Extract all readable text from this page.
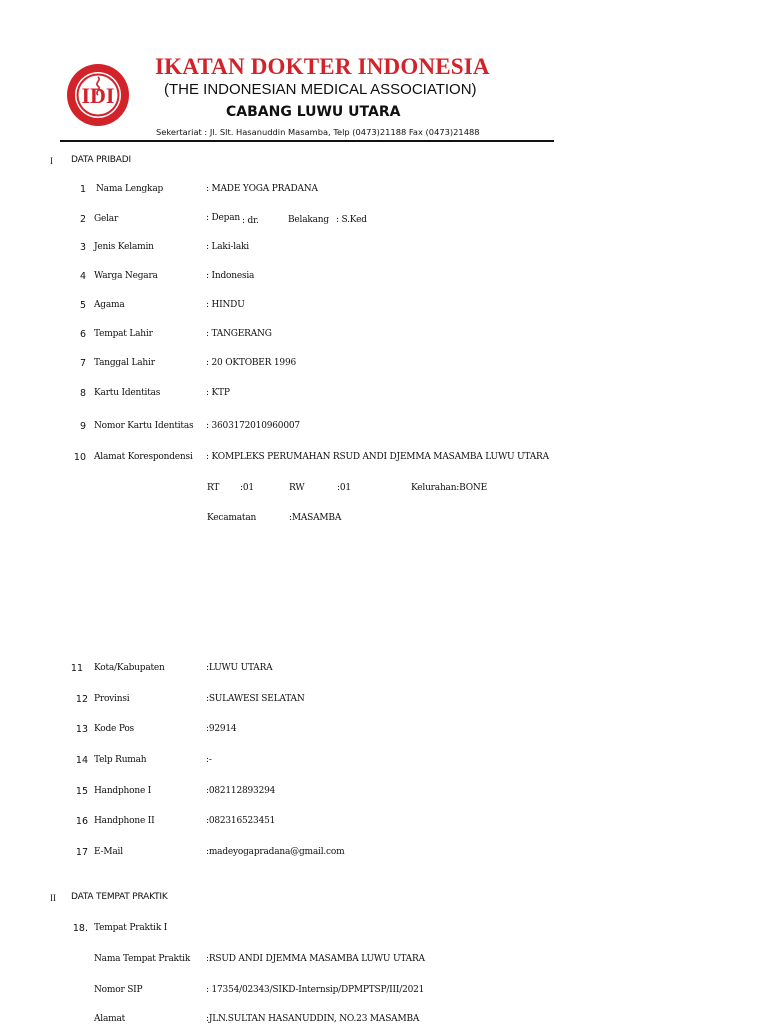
IDI
IKATAN DOKTER INDONESIA
(THE INDONESIAN MEDICAL ASSOCIATION)
CABANG LUWU UTARA
Sekertariat : Jl. Slt. Hasanuddin Masamba, Telp (0473)21188 Fax (0473)21488
I DATA PRIBADI
1 Nama Lengkap	: MADE YOGA PRADANA
2 Gelar	: Depan : dr.	Belakang : S.Ked
3 Jenis Kelamin	: Laki-laki
4 Warga Negara	: Indonesia
5 Agama	: HINDU
6 Tempat Lahir	: TANGERANG
7 Tanggal Lahir	: 20 OKTOBER 1996
8 Kartu Identitas	: KTP
9 Nomor Kartu Identitas : 3603172010960007
10 Alamat Korespondensi : KOMPLEKS PERUMAHAN RSUD ANDI DJEMMA MASAMBA LUWU UTARA
RT :01	RW	:01	Kelurahan:BONE
Kecamatan	:MASAMBA
11 Kota/Kabupaten	:LUWU UTARA
12 Provinsi	:SULAWESI SELATAN
13 Kode Pos	:92914
14 Telp Rumah	:-
15 Handphone I	:082112893294
16 Handphone II	:082316523451
17 E-Mail	:madeyogapradana@gmail.com
II DATA TEMPAT PRAKTIK
18. Tempat Praktik I
Nama Tempat Praktik :RSUD ANDI DJEMMA MASAMBA LUWU UTARA
Nomor SIP	: 17354/02343/SIKD-Internsip/DPMPTSP/III/2021
Alamat	:JLN.SULTAN HASANUDDIN, NO.23 MASAMBA
